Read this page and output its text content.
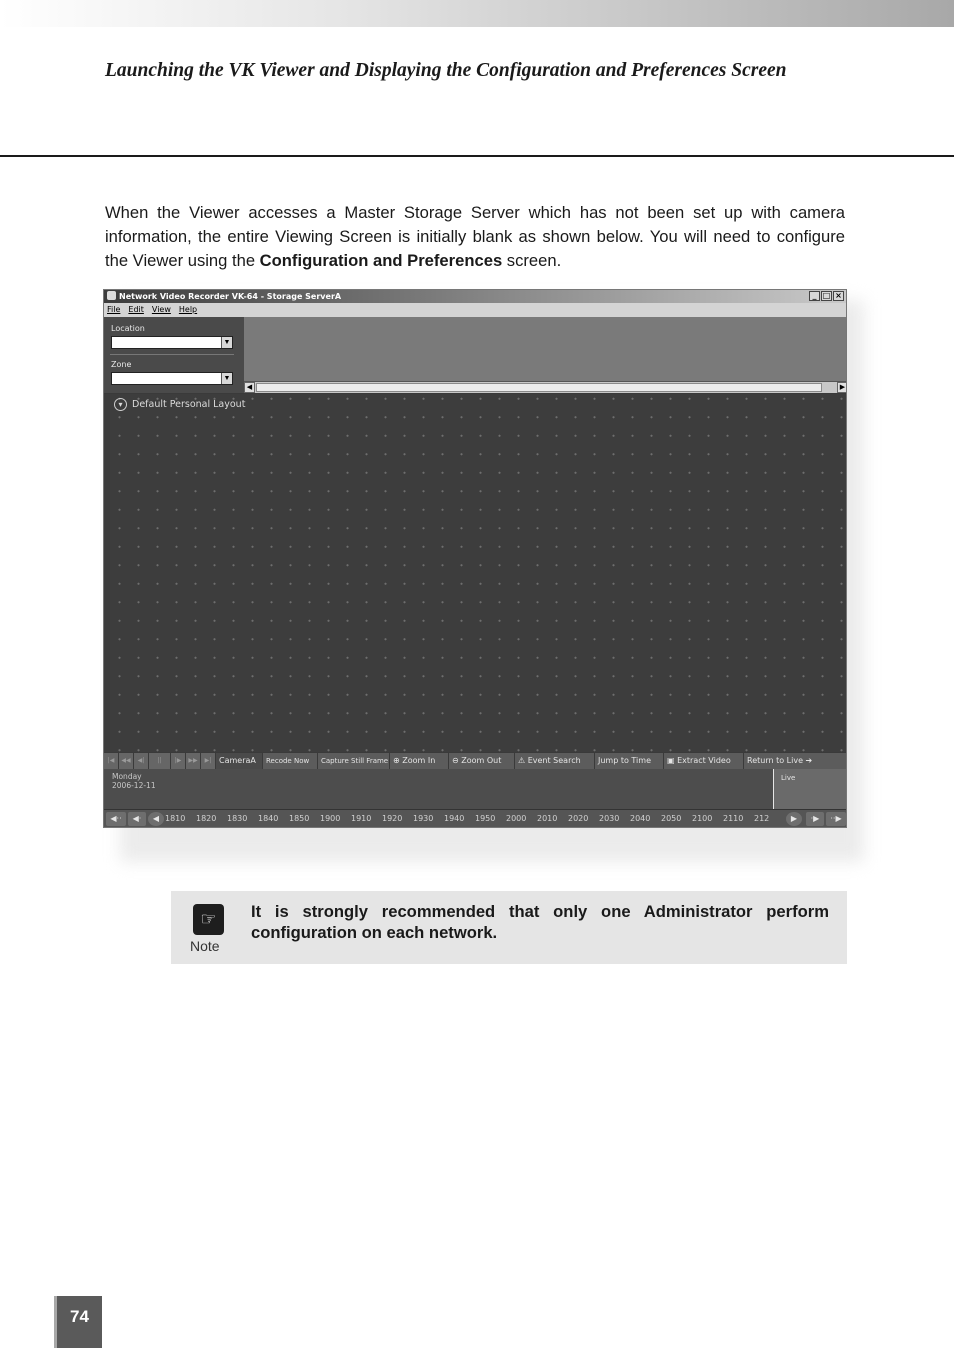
Launching the VK Viewer and Displaying the Configuration and Preferences Screen

When the Viewer accesses a Master Storage Server which has not been set up with camera information, the entire Viewing Screen is initially blank as shown below. You will need to configure the Viewer using the Configuration and Preferences screen.

Network Video Recorder VK-64 - Storage ServerA	_ □ ×
File Edit View Help
Location
▼
Zone
▼
◀	▶
▾	Default Personal Layout
|◀	◀◀	◀|	||	|▶	▶▶	▶| CameraA	Recode Now	Capture Still Frame ⊕ Zoom In	⊖ Zoom Out	⚠ Event Search	Jump to Time	▣ Extract Video	Return to Live ➔
Monday
2006-12-11
Live
◀··	◀·	◀	▶	·▶	··▶
1810 1820 1830 1840 1850 1900 1910 1920 1930 1940 1950 2000 2010 2020 2030 2040 2050 2100 2110 212
☞
Note
It is strongly recommended that only one Administrator perform configuration on each network.
74
